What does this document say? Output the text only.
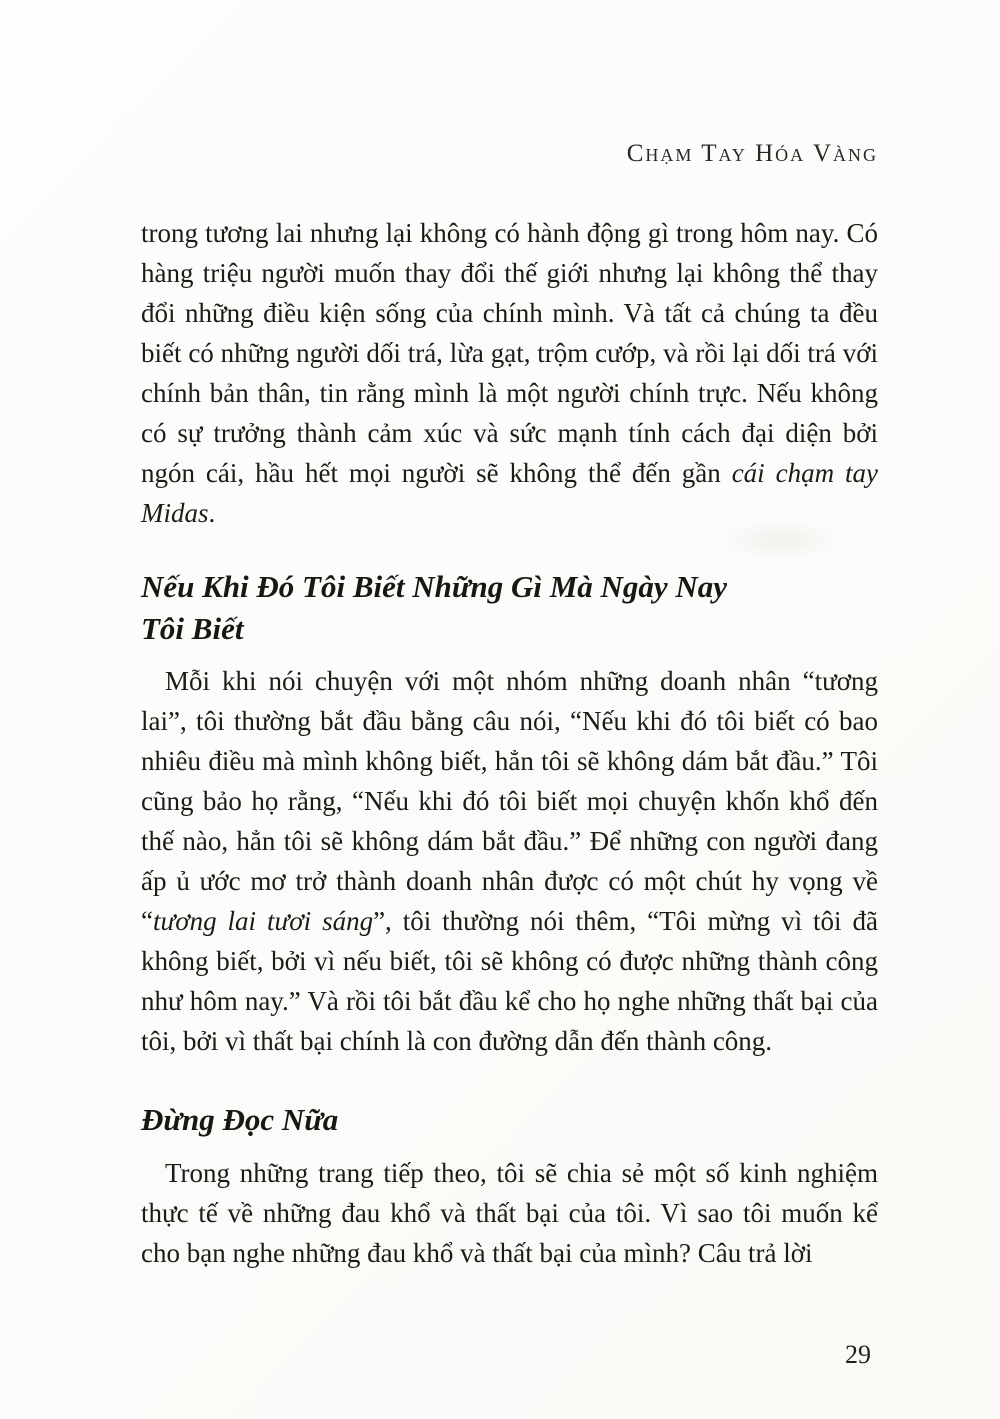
Chạm Tay Hóa Vàng

trong tương lai nhưng lại không có hành động gì trong hôm nay. Có hàng triệu người muốn thay đổi thế giới nhưng lại không thể thay đổi những điều kiện sống của chính mình. Và tất cả chúng ta đều biết có những người dối trá, lừa gạt, trộm cướp, và rồi lại dối trá với chính bản thân, tin rằng mình là một người chính trực. Nếu không có sự trưởng thành cảm xúc và sức mạnh tính cách đại diện bởi ngón cái, hầu hết mọi người sẽ không thể đến gần cái chạm tay Midas.

Nếu Khi Đó Tôi Biết Những Gì Mà Ngày Nay
Tôi Biết

Mỗi khi nói chuyện với một nhóm những doanh nhân “tương lai”, tôi thường bắt đầu bằng câu nói, “Nếu khi đó tôi biết có bao nhiêu điều mà mình không biết, hẳn tôi sẽ không dám bắt đầu.” Tôi cũng bảo họ rằng, “Nếu khi đó tôi biết mọi chuyện khốn khổ đến thế nào, hẳn tôi sẽ không dám bắt đầu.” Để những con người đang ấp ủ ước mơ trở thành doanh nhân được có một chút hy vọng về “tương lai tươi sáng”, tôi thường nói thêm, “Tôi mừng vì tôi đã không biết, bởi vì nếu biết, tôi sẽ không có được những thành công như hôm nay.” Và rồi tôi bắt đầu kể cho họ nghe những thất bại của tôi, bởi vì thất bại chính là con đường dẫn đến thành công.

Đừng Đọc Nữa

Trong những trang tiếp theo, tôi sẽ chia sẻ một số kinh nghiệm thực tế về những đau khổ và thất bại của tôi. Vì sao tôi muốn kể cho bạn nghe những đau khổ và thất bại của mình? Câu trả lời

29
